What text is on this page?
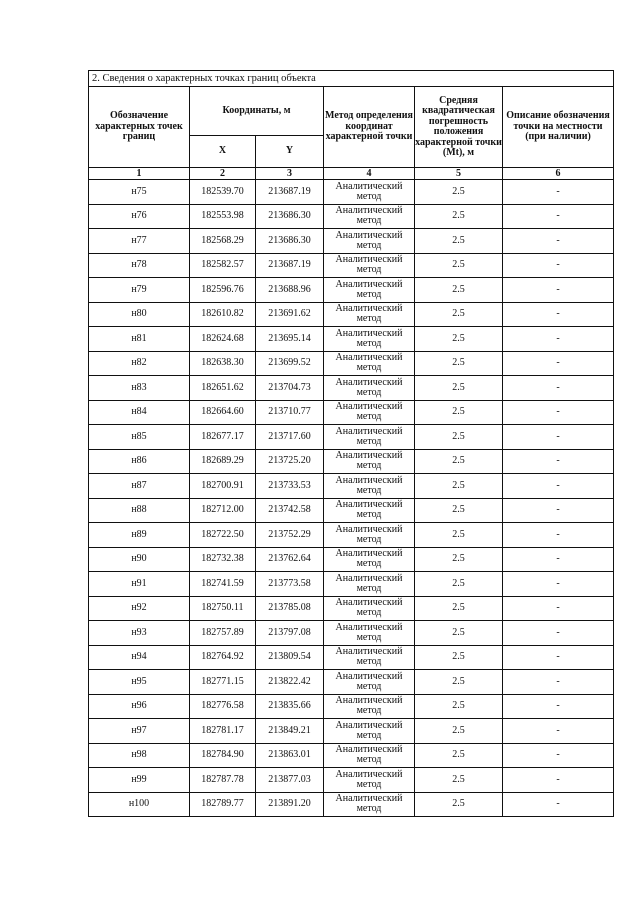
2. Сведения о характерных точках границ объекта					
Обозначение характерных точек границ	Координаты, м		Метод определения координат характерной точки	Средняя квадратическая погрешность положения характерной точки (Mt), м	Описание обозначения точки на местности (при наличии)
	X	Y			
1	2	3	4	5	6
н75	182539.70	213687.19	Аналитический метод	2.5	-
н76	182553.98	213686.30	Аналитический метод	2.5	-
н77	182568.29	213686.30	Аналитический метод	2.5	-
н78	182582.57	213687.19	Аналитический метод	2.5	-
н79	182596.76	213688.96	Аналитический метод	2.5	-
н80	182610.82	213691.62	Аналитический метод	2.5	-
н81	182624.68	213695.14	Аналитический метод	2.5	-
н82	182638.30	213699.52	Аналитический метод	2.5	-
н83	182651.62	213704.73	Аналитический метод	2.5	-
н84	182664.60	213710.77	Аналитический метод	2.5	-
н85	182677.17	213717.60	Аналитический метод	2.5	-
н86	182689.29	213725.20	Аналитический метод	2.5	-
н87	182700.91	213733.53	Аналитический метод	2.5	-
н88	182712.00	213742.58	Аналитический метод	2.5	-
н89	182722.50	213752.29	Аналитический метод	2.5	-
н90	182732.38	213762.64	Аналитический метод	2.5	-
н91	182741.59	213773.58	Аналитический метод	2.5	-
н92	182750.11	213785.08	Аналитический метод	2.5	-
н93	182757.89	213797.08	Аналитический метод	2.5	-
н94	182764.92	213809.54	Аналитический метод	2.5	-
н95	182771.15	213822.42	Аналитический метод	2.5	-
н96	182776.58	213835.66	Аналитический метод	2.5	-
н97	182781.17	213849.21	Аналитический метод	2.5	-
н98	182784.90	213863.01	Аналитический метод	2.5	-
н99	182787.78	213877.03	Аналитический метод	2.5	-
н100	182789.77	213891.20	Аналитический метод	2.5	-
